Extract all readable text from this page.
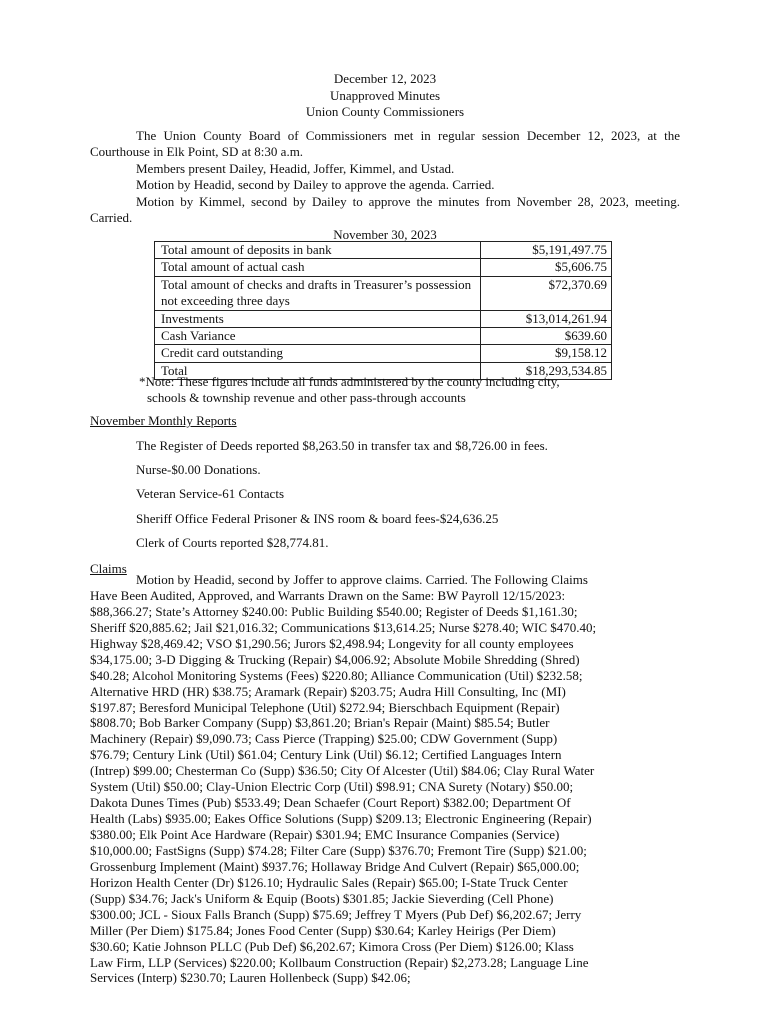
December 12, 2023
Unapproved Minutes
Union County Commissioners

The Union County Board of Commissioners met in regular session December 12, 2023, at the Courthouse in Elk Point, SD at 8:30 a.m.

Members present Dailey, Headid, Joffer, Kimmel, and Ustad.

Motion by Headid, second by Dailey to approve the agenda. Carried.

Motion by Kimmel, second by Dailey to approve the minutes from November 28, 2023, meeting. Carried.

November 30, 2023
Total amount of deposits in bank	$5,191,497.75
Total amount of actual cash	$5,606.75
Total amount of checks and drafts in Treasurer’s possession not exceeding three days	$72,370.69
Investments	$13,014,261.94
Cash Variance	$639.60
Credit card outstanding	$9,158.12
Total	$18,293,534.85
*Note: These figures include all funds administered by the county including city,
schools & township revenue and other pass-through accounts
November Monthly Reports
The Register of Deeds reported $8,263.50 in transfer tax and $8,726.00 in fees.
Nurse-$0.00 Donations.
Veteran Service-61 Contacts
Sheriff Office Federal Prisoner & INS room & board fees-$24,636.25
Clerk of Courts reported $28,774.81.
Claims
Motion by Headid, second by Joffer to approve claims. Carried. The Following Claims
Have Been Audited, Approved, and Warrants Drawn on the Same: BW Payroll 12/15/2023:
$88,366.27; State’s Attorney $240.00: Public Building $540.00; Register of Deeds $1,161.30;
Sheriff $20,885.62; Jail $21,016.32; Communications $13,614.25; Nurse $278.40; WIC $470.40;
Highway $28,469.42; VSO $1,290.56; Jurors $2,498.94; Longevity for all county employees
$34,175.00; 3-D Digging & Trucking (Repair) $4,006.92; Absolute Mobile Shredding (Shred)
$40.28; Alcohol Monitoring Systems (Fees) $220.80; Alliance Communication (Util) $232.58;
Alternative HRD (HR) $38.75; Aramark (Repair) $203.75; Audra Hill Consulting, Inc (MI)
$197.87; Beresford Municipal Telephone (Util) $272.94; Bierschbach Equipment (Repair)
$808.70; Bob Barker Company (Supp) $3,861.20; Brian's Repair (Maint) $85.54; Butler
Machinery (Repair) $9,090.73; Cass Pierce (Trapping) $25.00; CDW Government (Supp)
$76.79; Century Link (Util) $61.04; Century Link (Util) $6.12; Certified Languages Intern
(Intrep) $99.00; Chesterman Co (Supp) $36.50; City Of Alcester (Util) $84.06; Clay Rural Water
System (Util) $50.00; Clay-Union Electric Corp (Util) $98.91; CNA Surety (Notary) $50.00;
Dakota Dunes Times (Pub) $533.49; Dean Schaefer (Court Report) $382.00; Department Of
Health (Labs) $935.00; Eakes Office Solutions (Supp) $209.13; Electronic Engineering (Repair)
$380.00; Elk Point Ace Hardware (Repair) $301.94; EMC Insurance Companies (Service)
$10,000.00; FastSigns (Supp) $74.28; Filter Care (Supp) $376.70; Fremont Tire (Supp) $21.00;
Grossenburg Implement (Maint) $937.76; Hollaway Bridge And Culvert (Repair) $65,000.00;
Horizon Health Center (Dr) $126.10; Hydraulic Sales (Repair) $65.00; I-State Truck Center
(Supp) $34.76; Jack's Uniform & Equip (Boots) $301.85; Jackie Sieverding (Cell Phone)
$300.00; JCL - Sioux Falls Branch (Supp) $75.69; Jeffrey T Myers (Pub Def) $6,202.67; Jerry
Miller (Per Diem) $175.84; Jones Food Center (Supp) $30.64; Karley Heirigs (Per Diem)
$30.60; Katie Johnson PLLC (Pub Def) $6,202.67; Kimora Cross (Per Diem) $126.00; Klass
Law Firm, LLP (Services) $220.00; Kollbaum Construction (Repair) $2,273.28; Language Line
Services (Interp) $230.70; Lauren Hollenbeck (Supp) $42.06;
